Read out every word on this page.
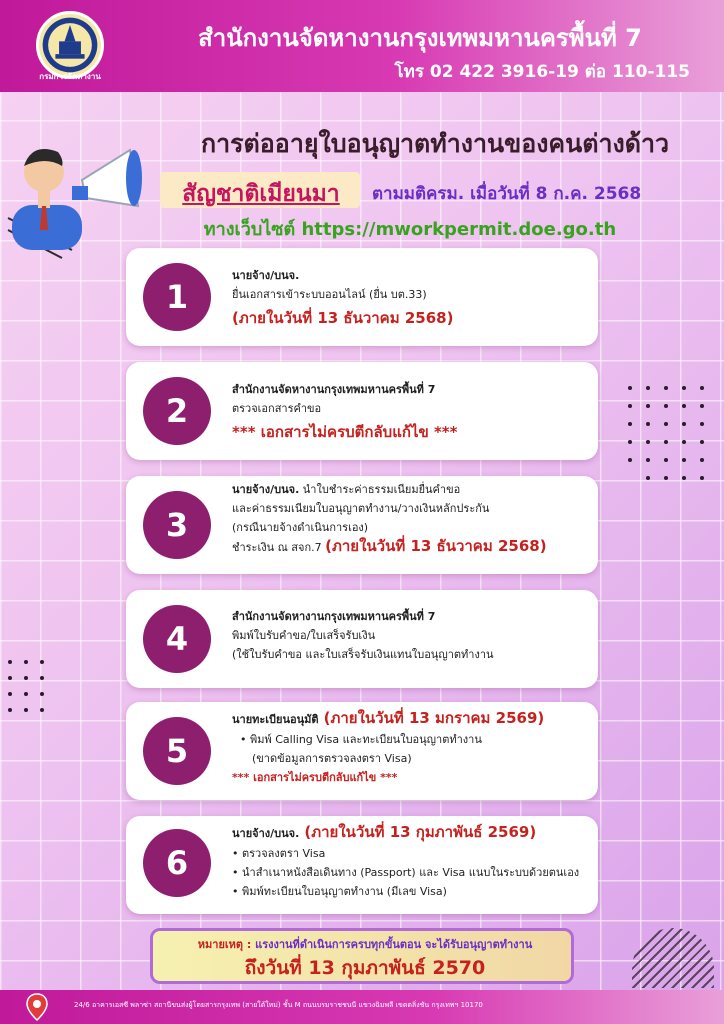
กรมการจัดหางาน
สำนักงานจัดหางานกรุงเทพมหานครพื้นที่ 7
โทร 02 422 3916-19 ต่อ 110-115
การต่ออายุใบอนุญาตทำงานของคนต่างด้าว
สัญชาติเมียนมา	ตามมติครม. เมื่อวันที่ 8 ก.ค. 2568
ทางเว็บไซต์ https://mworkpermit.doe.go.th
1
นายจ้าง/บนจ.
ยื่นเอกสารเข้าระบบออนไลน์ (ยื่น บต.33)
(ภายในวันที่ 13 ธันวาคม 2568)
2
สำนักงานจัดหางานกรุงเทพมหานครพื้นที่ 7
ตรวจเอกสารคำขอ
*** เอกสารไม่ครบตีกลับแก้ไข ***
3
นายจ้าง/บนจ. นำใบชำระค่าธรรมเนียมยื่นคำขอ
และค่าธรรมเนียมใบอนุญาตทำงาน/วางเงินหลักประกัน
(กรณีนายจ้างดำเนินการเอง)
ชำระเงิน ณ สจก.7 (ภายในวันที่ 13 ธันวาคม 2568)
4
สำนักงานจัดหางานกรุงเทพมหานครพื้นที่ 7
พิมพ์ใบรับคำขอ/ใบเสร็จรับเงิน
(ใช้ใบรับคำขอ และใบเสร็จรับเงินแทนใบอนุญาตทำงาน
5
นายทะเบียนอนุมัติ (ภายในวันที่ 13 มกราคม 2569)
• พิมพ์ Calling Visa และทะเบียนใบอนุญาตทำงาน
(ขาดข้อมูลการตรวจลงตรา Visa)
*** เอกสารไม่ครบตีกลับแก้ไข ***
6
นายจ้าง/บนจ. (ภายในวันที่ 13 กุมภาพันธ์ 2569)
• ตรวจลงตรา Visa
• นำสำเนาหนังสือเดินทาง (Passport) และ Visa แนบในระบบด้วยตนเอง
• พิมพ์ทะเบียนใบอนุญาตทำงาน (มีเลข Visa)
หมายเหตุ : แรงงานที่ดำเนินการครบทุกขั้นตอน จะได้รับอนุญาตทำงาน
ถึงวันที่ 13 กุมภาพันธ์ 2570
24/6 อาคารเอสซี พลาซ่า สถานีขนส่งผู้โดยสารกรุงเทพ (สายใต้ใหม่) ชั้น M ถนนบรมราชชนนี แขวงฉิมพลี เขตตลิ่งชัน กรุงเทพฯ 10170
